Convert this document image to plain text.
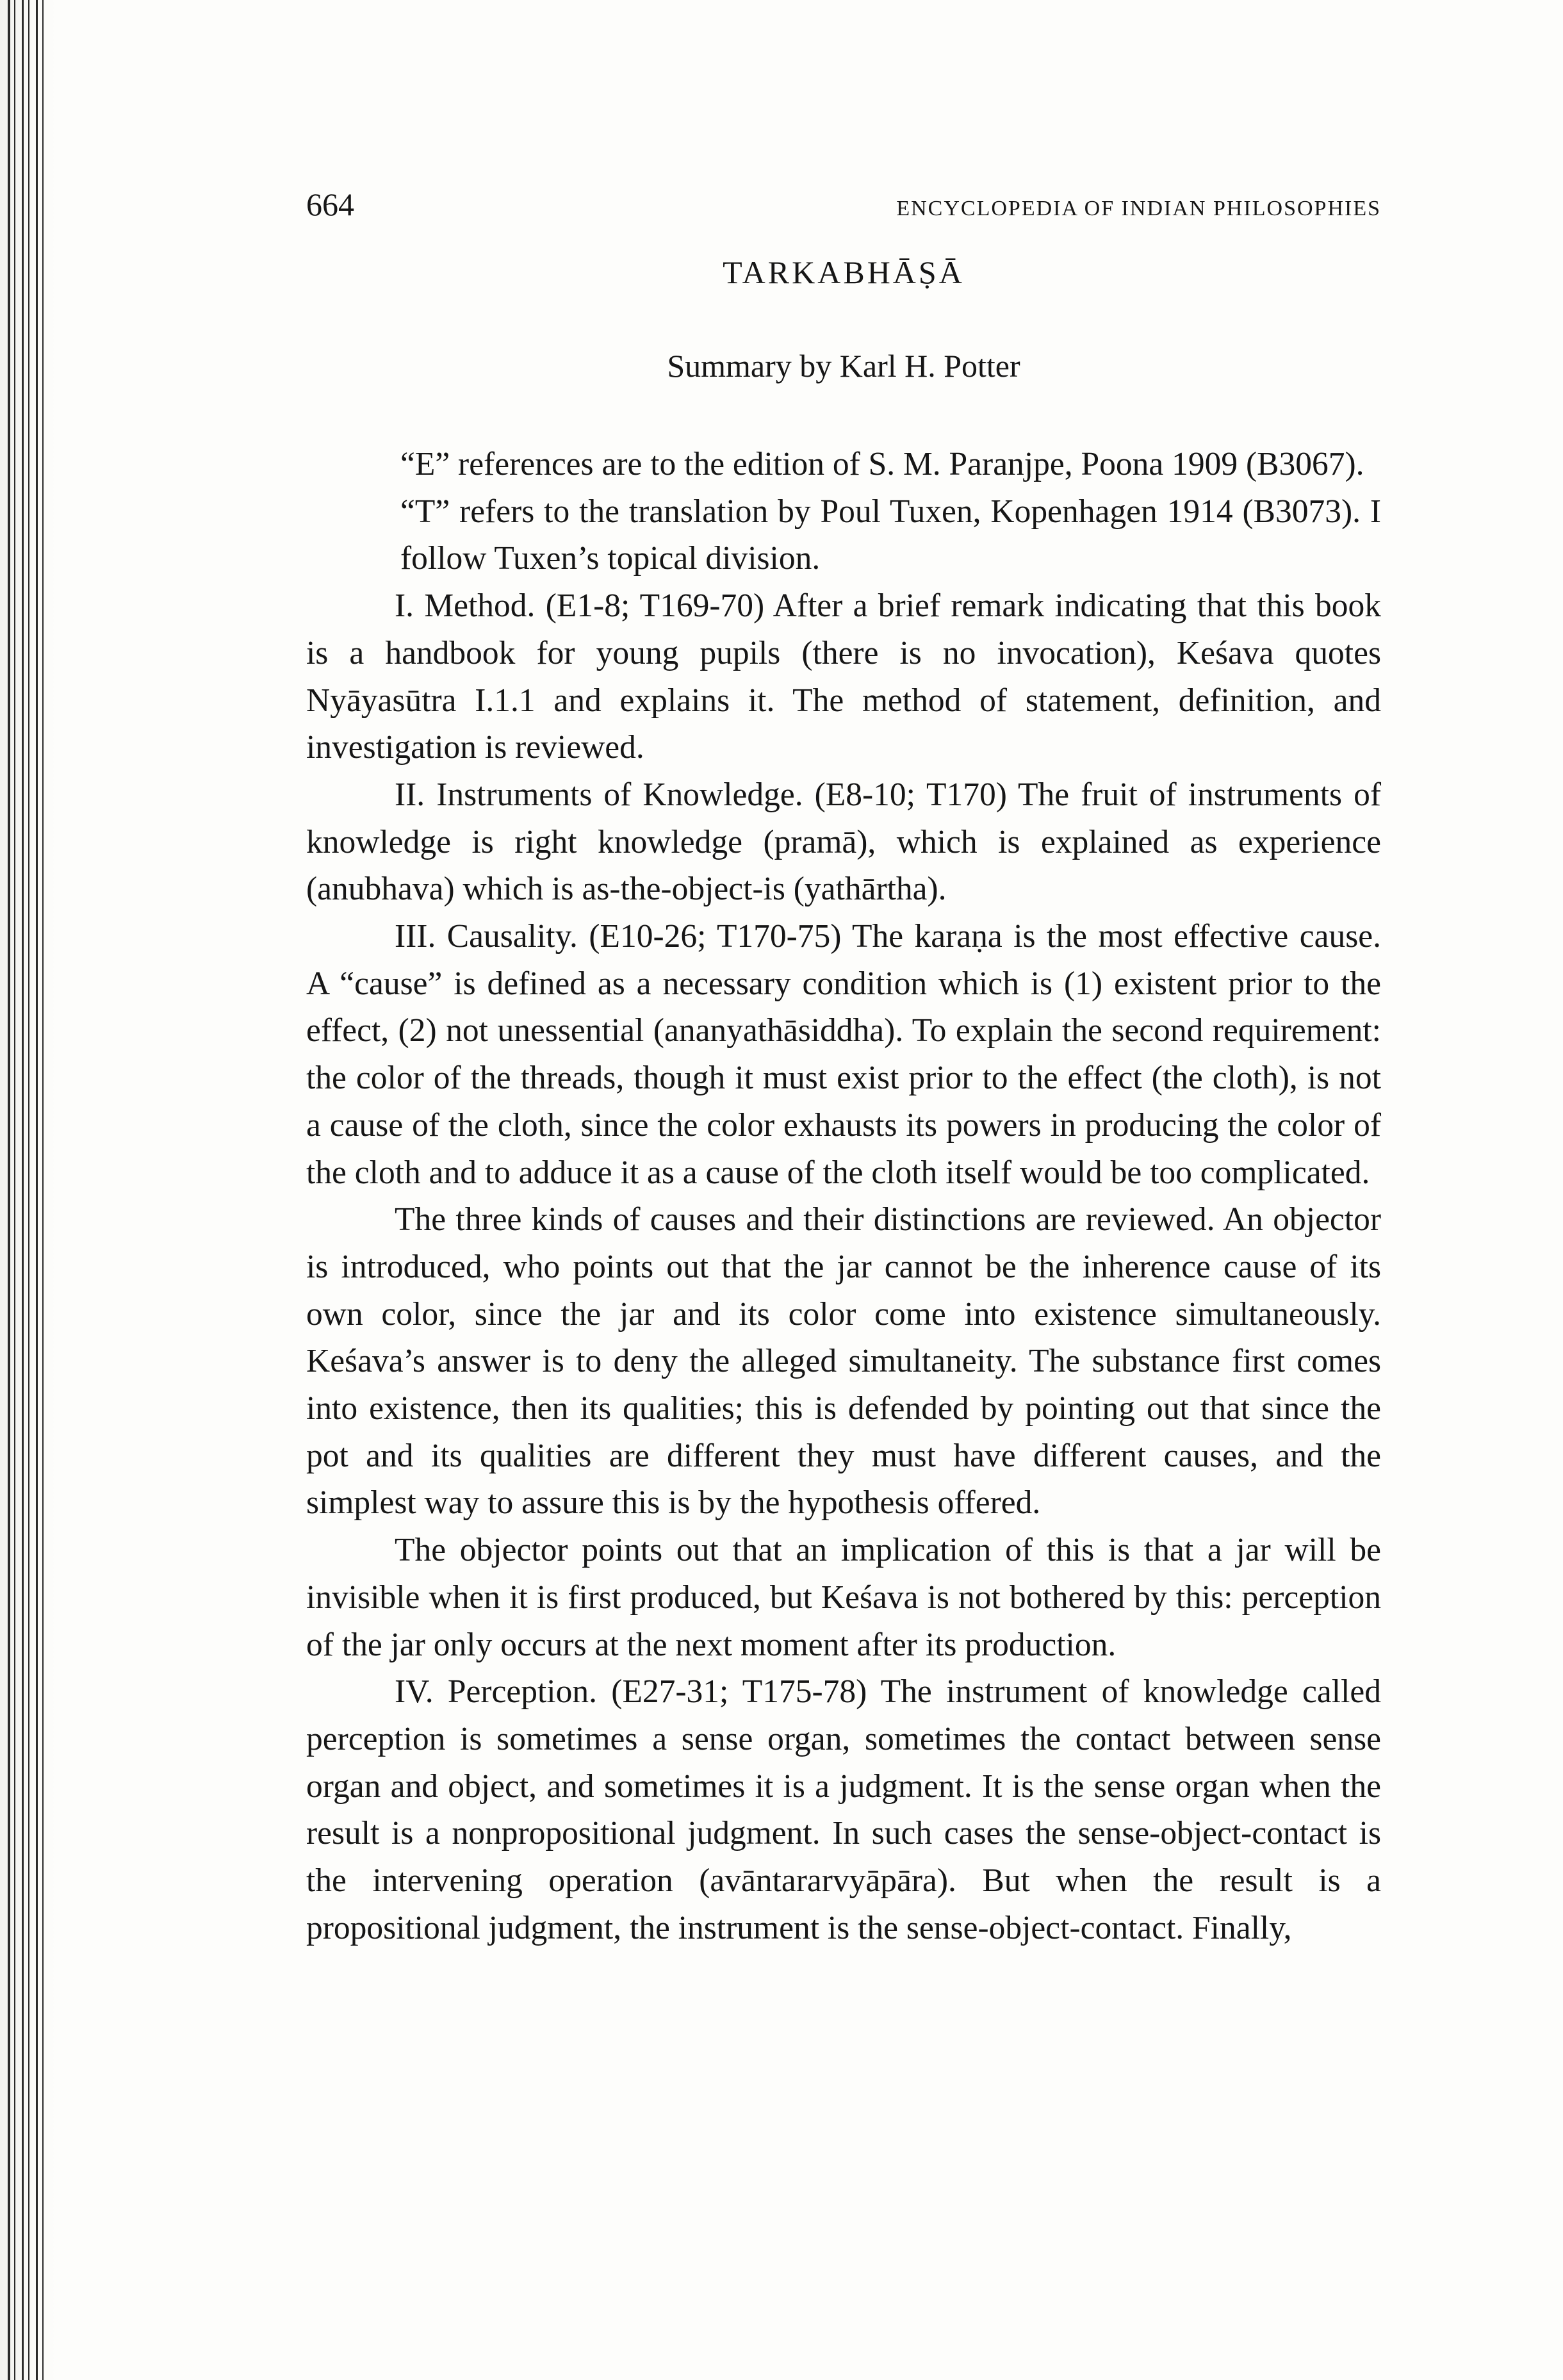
664	ENCYCLOPEDIA OF INDIAN PHILOSOPHIES
TARKABHĀṢĀ
Summary by Karl H. Potter

“E” references are to the edition of S. M. Paranjpe, Poona 1909 (B3067).

“T” refers to the translation by Poul Tuxen, Kopenhagen 1914 (B3073). I follow Tuxen’s topical division.

I. Method. (E1-8; T169-70) After a brief remark indicating that this book is a handbook for young pupils (there is no invocation), Keśava quotes Nyāyasūtra I.1.1 and explains it. The method of statement, definition, and investigation is reviewed.

II. Instruments of Knowledge. (E8-10; T170) The fruit of instruments of knowledge is right knowledge (pramā), which is explained as experience (anubhava) which is as-the-object-is (yathārtha).

III. Causality. (E10-26; T170-75) The karaṇa is the most effective cause. A “cause” is defined as a necessary condition which is (1) existent prior to the effect, (2) not unessential (ananyathāsiddha). To explain the second requirement: the color of the threads, though it must exist prior to the effect (the cloth), is not a cause of the cloth, since the color exhausts its powers in producing the color of the cloth and to adduce it as a cause of the cloth itself would be too complicated.

The three kinds of causes and their distinctions are reviewed. An objector is introduced, who points out that the jar cannot be the inherence cause of its own color, since the jar and its color come into existence simultaneously. Keśava’s answer is to deny the alleged simultaneity. The substance first comes into existence, then its qualities; this is defended by pointing out that since the pot and its qualities are different they must have different causes, and the simplest way to assure this is by the hypothesis offered.

The objector points out that an implication of this is that a jar will be invisible when it is first produced, but Keśava is not bothered by this: perception of the jar only occurs at the next moment after its production.

IV. Perception. (E27-31; T175-78) The instrument of knowledge called perception is sometimes a sense organ, sometimes the contact between sense organ and object, and sometimes it is a judgment. It is the sense organ when the result is a nonpropositional judgment. In such cases the sense-object-contact is the intervening operation (avāntararvyāpāra). But when the result is a propositional judgment, the instrument is the sense-object-contact. Finally,
